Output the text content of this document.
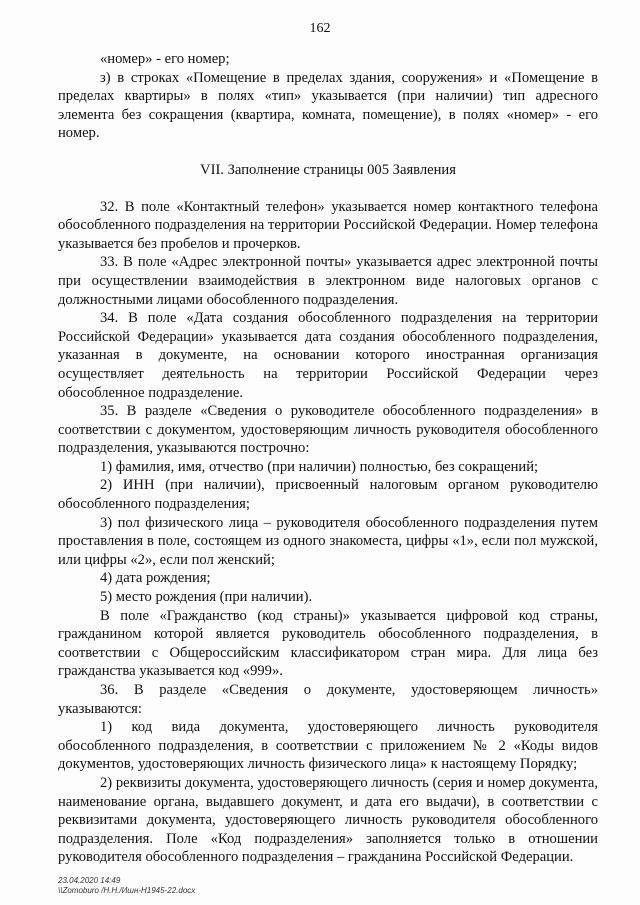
162

«номер» - его номер;

з) в строках «Помещение в пределах здания, сооружения» и «Помещение в пределах квартиры» в полях «тип» указывается (при наличии) тип адресного элемента без сокращения (квартира, комната, помещение), в полях «номер» - его номер.

VII. Заполнение страницы 005 Заявления

32. В поле «Контактный телефон» указывается номер контактного телефона обособленного подразделения на территории Российской Федерации. Номер телефона указывается без пробелов и прочерков.

33. В поле «Адрес электронной почты» указывается адрес электронной почты при осуществлении взаимодействия в электронном виде налоговых органов с должностными лицами обособленного подразделения.

34. В поле «Дата создания обособленного подразделения на территории Российской Федерации» указывается дата создания обособленного подразделения, указанная в документе, на основании которого иностранная организация осуществляет деятельность на территории Российской Федерации через обособленное подразделение.

35. В разделе «Сведения о руководителе обособленного подразделения» в соответствии с документом, удостоверяющим личность руководителя обособленного подразделения, указываются построчно:

1) фамилия, имя, отчество (при наличии) полностью, без сокращений;

2) ИНН (при наличии), присвоенный налоговым органом руководителю обособленного подразделения;

3) пол физического лица – руководителя обособленного подразделения путем проставления в поле, состоящем из одного знакоместа, цифры «1», если пол мужской, или цифры «2», если пол женский;

4) дата рождения;

5) место рождения (при наличии).

В поле «Гражданство (код страны)» указывается цифровой код страны, гражданином которой является руководитель обособленного подразделения, в соответствии с Общероссийским классификатором стран мира. Для лица без гражданства указывается код «999».

36. В разделе «Сведения о документе, удостоверяющем личность» указываются:

1) код вида документа, удостоверяющего личность руководителя обособленного подразделения, в соответствии с приложением № 2 «Коды видов документов, удостоверяющих личность физического лица» к настоящему Порядку;

2) реквизиты документа, удостоверяющего личность (серия и номер документа, наименование органа, выдавшего документ, и дата его выдачи), в соответствии с реквизитами документа, удостоверяющего личность руководителя обособленного подразделения. Поле «Код подразделения» заполняется только в отношении руководителя обособленного подразделения – гражданина Российской Федерации.

23.04.2020 14:49
\\Zomoburo /Н.Н./Ишн-Н1945-22.docx
